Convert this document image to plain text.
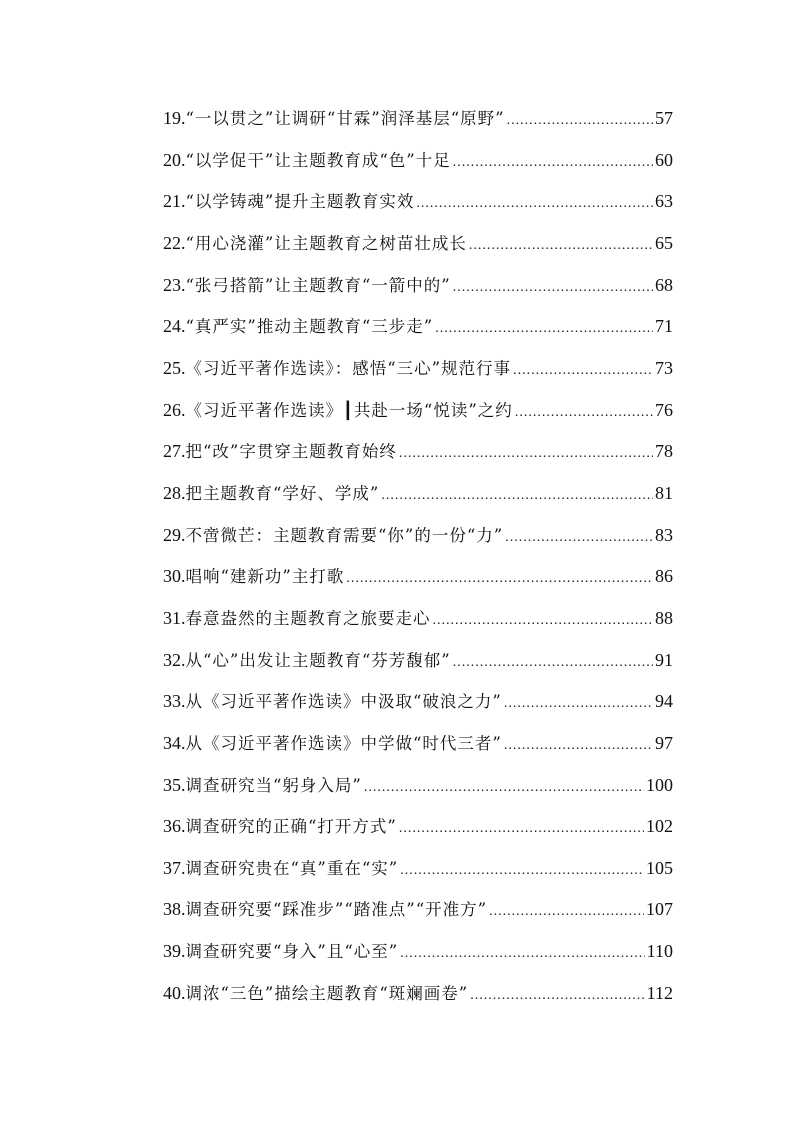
19. “一以贯之”让调研“甘霖”润泽基层“原野” .....	57
20. “以学促干”让主题教育成“色”十足 .....	60
21. “以学铸魂”提升主题教育实效 .....	63
22. “用心浇灌”让主题教育之树苗壮成长 .....	65
23. “张弓搭箭”让主题教育“一箭中的” .....	68
24. “真严实”推动主题教育“三步走” .....	71
25. 《习近平著作选读》：感悟“三心”规范行事 .....	73
26. 《习近平著作选读》┃共赴一场“悦读”之约 .....	76
27. 把“改”字贯穿主题教育始终 .....	78
28. 把主题教育“学好、学成” .....	81
29. 不啻微芒：主题教育需要“你”的一份“力” .....	83
30. 唱响“建新功”主打歌 .....	86
31. 春意盎然的主题教育之旅要走心 .....	88
32. 从“心”出发让主题教育“芬芳馥郁” .....	91
33. 从《习近平著作选读》中汲取“破浪之力” .....	94
34. 从《习近平著作选读》中学做“时代三者” .....	97
35. 调查研究当“躬身入局” .....	100
36. 调查研究的正确“打开方式” .....	102
37. 调查研究贵在“真”重在“实” .....	105
38. 调查研究要“踩准步”“踏准点”“开准方” .....	107
39. 调查研究要“身入”且“心至” .....	110
40. 调浓“三色”描绘主题教育“斑斓画卷” .....	112
